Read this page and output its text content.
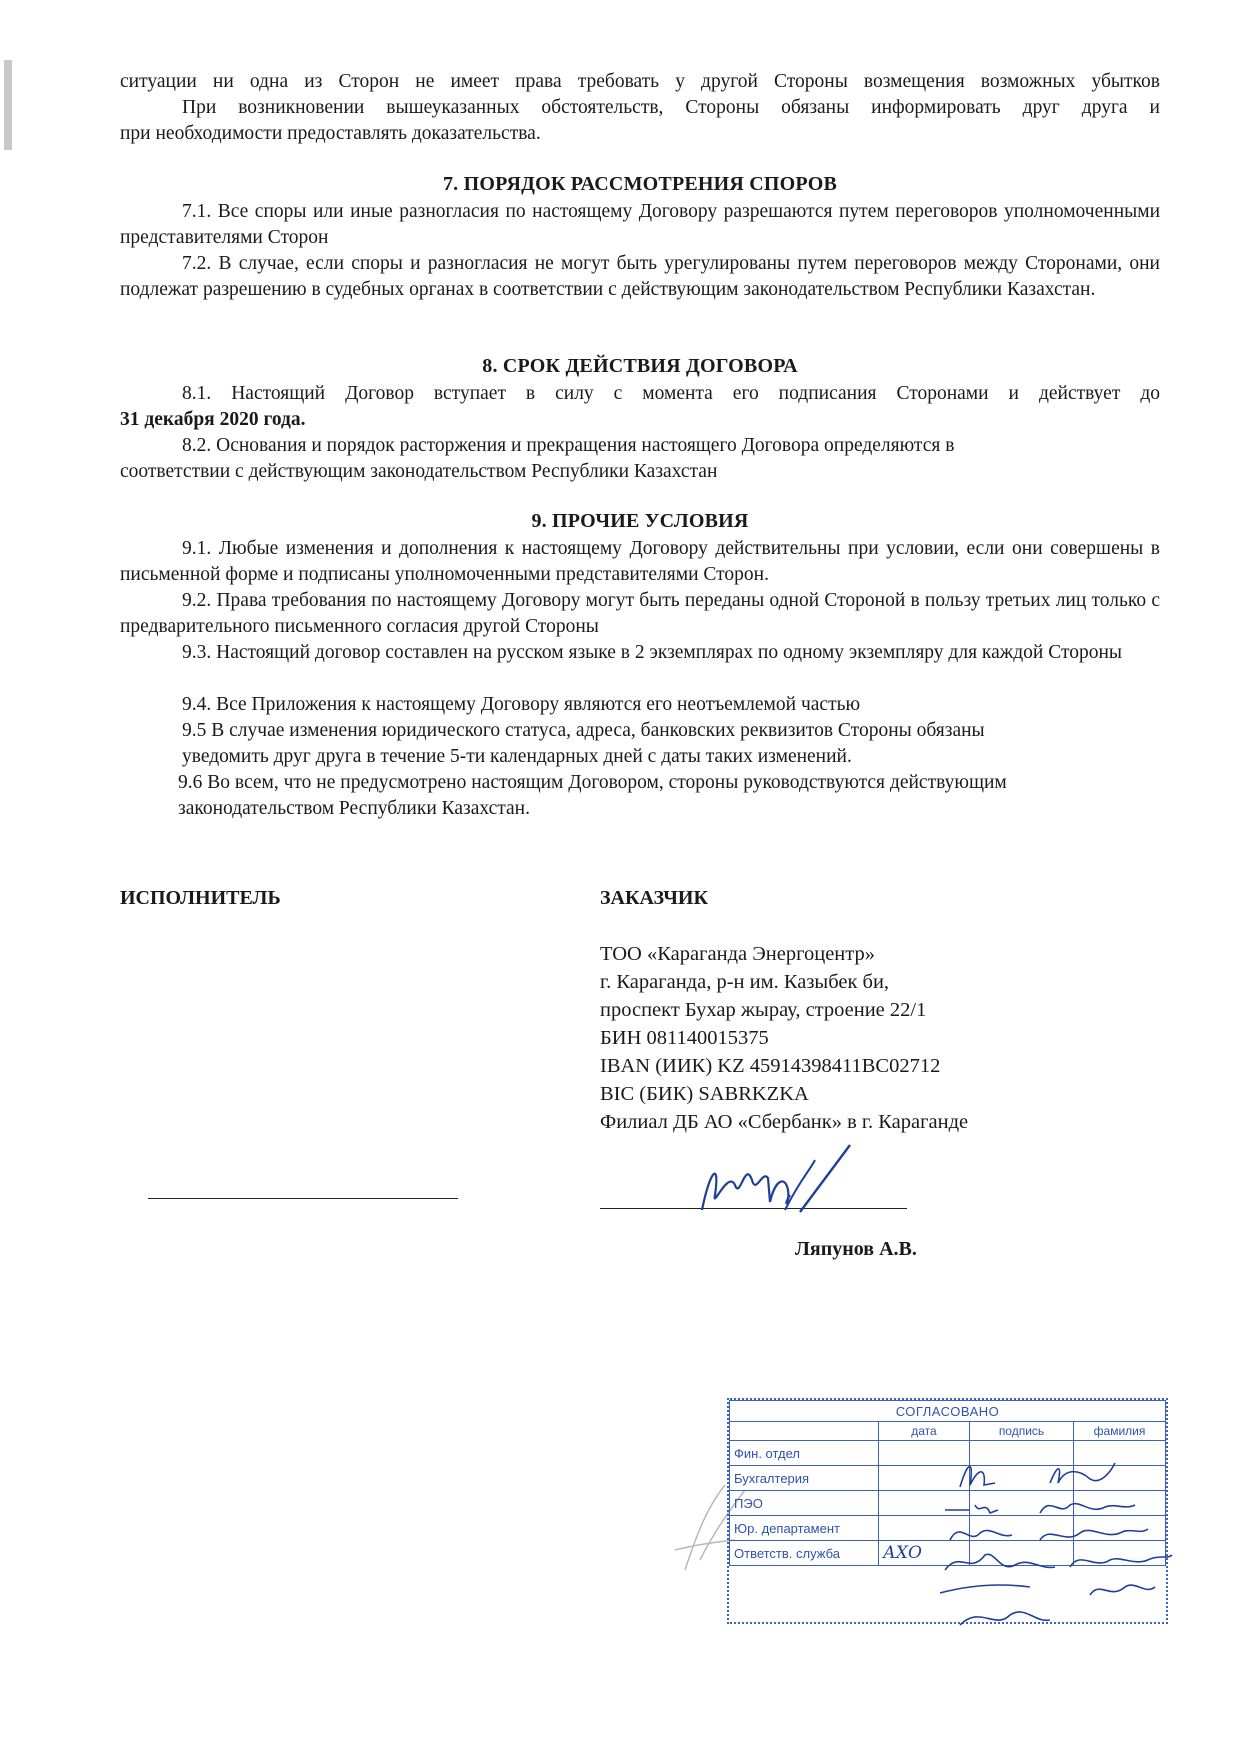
ситуации ни одна из Сторон не имеет права требовать у другой Стороны возмещения возможных убытков

При возникновении вышеуказанных обстоятельств, Стороны обязаны информировать друг друга и

при необходимости предоставлять доказательства.

7. ПОРЯДОК РАССМОТРЕНИЯ СПОРОВ

7.1. Все споры или иные разногласия по настоящему Договору разрешаются путем переговоров уполномоченными представителями Сторон

7.2. В случае, если споры и разногласия не могут быть урегулированы путем переговоров между Сторонами, они подлежат разрешению в судебных органах в соответствии с действующим законодательством Республики Казахстан.

8. СРОК ДЕЙСТВИЯ ДОГОВОРА

8.1. Настоящий Договор вступает в силу с момента его подписания Сторонами и действует до

31 декабря 2020 года.

8.2. Основания и порядок расторжения и прекращения настоящего Договора определяются в

соответствии с действующим законодательством Республики Казахстан

9. ПРОЧИЕ УСЛОВИЯ

9.1. Любые изменения и дополнения к настоящему Договору действительны при условии, если они совершены в письменной форме и подписаны уполномоченными представителями Сторон.

9.2. Права требования по настоящему Договору могут быть переданы одной Стороной в пользу третьих лиц только с предварительного письменного согласия другой Стороны

9.3. Настоящий договор составлен на русском языке в 2 экземплярах по одному экземпляру для каждой Стороны

9.4. Все Приложения к настоящему Договору являются его неотъемлемой частью

9.5 В случае изменения юридического статуса, адреса, банковских реквизитов Стороны обязаны

уведомить друг друга в течение 5-ти календарных дней с даты таких изменений.

9.6 Во всем, что не предусмотрено настоящим Договором, стороны руководствуются действующим

законодательством Республики Казахстан.

ИСПОЛНИТЕЛЬ	ЗАКАЗЧИК
ТОО «Караганда Энергоцентр»
г. Караганда, р-н им. Казыбек би,
проспект Бухар жырау, строение 22/1
БИН 081140015375
IBAN (ИИК) KZ 45914398411BC02712
BIC (БИК) SABRKZKA
Филиал ДБ АО «Сбербанк» в г. Караганде
Ляпунов А.В.
СОГЛАСОВАНО			
	дата	подпись	фамилия
Фин. отдел			
Бухгалтерия			
ПЭО			
Юр. департамент			
Ответств. служба	АХО		
